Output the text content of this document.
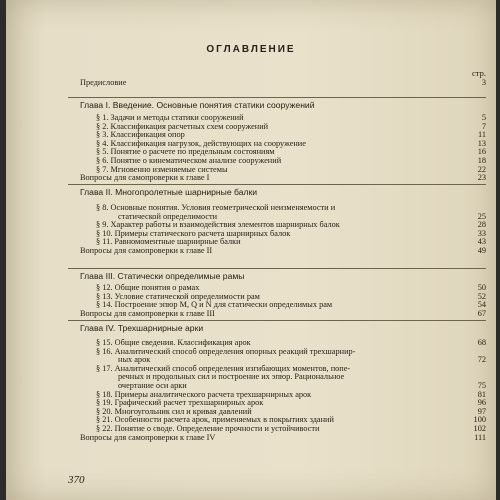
ОГЛАВЛЕНИЕ
стр.
Предисловие	3
Глава I. Введение. Основные понятия статики сооружений
§ 1. Задачи и методы статики сооружений	5
§ 2. Классификация расчетных схем сооружений	7
§ 3. Классификация опор	11
§ 4. Классификация нагрузок, действующих на сооружение	13
§ 5. Понятие о расчете по предельным состояниям	16
§ 6. Понятие о кинематическом анализе сооружений	18
§ 7. Мгновенно изменяемые системы	22
Вопросы для самопроверки к главе I	23
Глава II. Многопролетные шарнирные балки
§ 8. Основные понятия. Условия геометрической неизменяемости и
статической определимости	25
§ 9. Характер работы и взаимодействия элементов шарнирных балок	28
§ 10. Примеры статического расчета шарнирных балок	33
§ 11. Равномоментные шарнирные балки	43
Вопросы для самопроверки к главе II	49
Глава III. Статически определимые рамы
§ 12. Общие понятия о рамах	50
§ 13. Условие статической определимости рам	52
§ 14. Построение эпюр M, Q и N для статически определимых рам	54
Вопросы для самопроверки к главе III	67
Глава IV. Трехшарнирные арки
§ 15. Общие сведения. Классификация арок	68
§ 16. Аналитический способ определения опорных реакций трехшарнир-
ных арок	72
§ 17. Аналитический способ определения изгибающих моментов, попе-
речных и продольных сил и построение их эпюр. Рациональное
очертание оси арки	75
§ 18. Примеры аналитического расчета трехшарнирных арок	81
§ 19. Графический расчет трехшарнирных арок	96
§ 20. Многоугольник сил и кривая давлений	97
§ 21. Особенности расчета арок, применяемых в покрытиях зданий	100
§ 22. Понятие о своде. Определение прочности и устойчивости	102
Вопросы для самопроверки к главе IV	111
370
